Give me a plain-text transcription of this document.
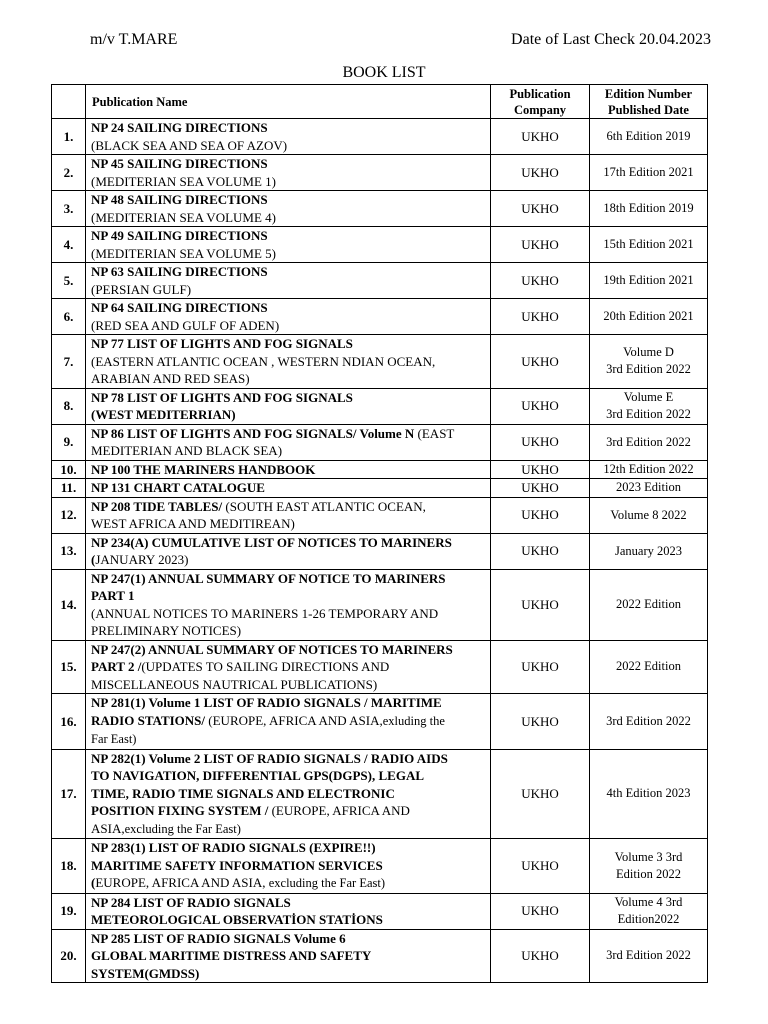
m/v T.MARE	Date of Last Check 20.04.2023
BOOK LIST
	Publication Name	Publication
Company	Edition Number
Published Date
1.	NP 24 SAILING DIRECTIONS
(BLACK SEA AND SEA OF AZOV)	UKHO	6th Edition 2019
2.	NP 45 SAILING DIRECTIONS
(MEDITERIAN SEA VOLUME 1)	UKHO	17th Edition 2021
3.	NP 48 SAILING DIRECTIONS
(MEDITERIAN SEA VOLUME 4)	UKHO	18th Edition 2019
4.	NP 49 SAILING DIRECTIONS
(MEDITERIAN SEA VOLUME 5)	UKHO	15th Edition 2021
5.	NP 63 SAILING DIRECTIONS
(PERSIAN GULF)	UKHO	19th Edition 2021
6.	NP 64 SAILING DIRECTIONS
(RED SEA AND GULF OF ADEN)	UKHO	20th Edition 2021
7.	NP 77 LIST OF LIGHTS AND FOG SIGNALS
(EASTERN ATLANTIC OCEAN , WESTERN NDIAN OCEAN,
ARABIAN AND RED SEAS)	UKHO	Volume D
3rd Edition 2022
8.	NP 78 LIST OF LIGHTS AND FOG SIGNALS
(WEST MEDITERRIAN)	UKHO	Volume E
3rd Edition 2022
9.	NP 86 LIST OF LIGHTS AND FOG SIGNALS/ Volume N (EAST
MEDITERIAN AND BLACK SEA)	UKHO	3rd Edition 2022
10.	NP 100 THE MARINERS HANDBOOK	UKHO	12th Edition 2022
11.	NP 131 CHART CATALOGUE	UKHO	2023 Edition
12.	NP 208 TIDE TABLES/ (SOUTH EAST ATLANTIC OCEAN,
WEST AFRICA AND MEDITIREAN)	UKHO	Volume 8 2022
13.	NP 234(A) CUMULATIVE LIST OF NOTICES TO MARINERS
(JANUARY 2023)	UKHO	January 2023
14.	NP 247(1) ANNUAL SUMMARY OF NOTICE TO MARINERS
PART 1
(ANNUAL NOTICES TO MARINERS 1-26 TEMPORARY AND
PRELIMINARY NOTICES)	UKHO	2022 Edition
15.	NP 247(2) ANNUAL SUMMARY OF NOTICES TO MARINERS
PART 2 /(UPDATES TO SAILING DIRECTIONS AND
MISCELLANEOUS NAUTRICAL PUBLICATIONS)	UKHO	2022 Edition
16.	NP 281(1) Volume 1 LIST OF RADIO SIGNALS / MARITIME
RADIO STATIONS/ (EUROPE, AFRICA AND ASIA,exluding the
Far East)	UKHO	3rd Edition 2022
17.	NP 282(1) Volume 2 LIST OF RADIO SIGNALS / RADIO AIDS
TO NAVIGATION, DIFFERENTIAL GPS(DGPS), LEGAL
TIME, RADIO TIME SIGNALS AND ELECTRONIC
POSITION FIXING SYSTEM / (EUROPE, AFRICA AND
ASIA,excluding the Far East)	UKHO	4th Edition 2023
18.	NP 283(1) LIST OF RADIO SIGNALS (EXPIRE!!)
MARITIME SAFETY INFORMATION SERVICES
(EUROPE, AFRICA AND ASIA, excluding the Far East)	UKHO	Volume 3 3rd
Edition 2022
19.	NP 284 LIST OF RADIO SIGNALS
METEOROLOGICAL OBSERVATİON STATİONS	UKHO	Volume 4 3rd
Edition2022
20.	NP 285 LIST OF RADIO SIGNALS Volume 6
GLOBAL MARITIME DISTRESS AND SAFETY
SYSTEM(GMDSS)	UKHO	3rd Edition 2022
